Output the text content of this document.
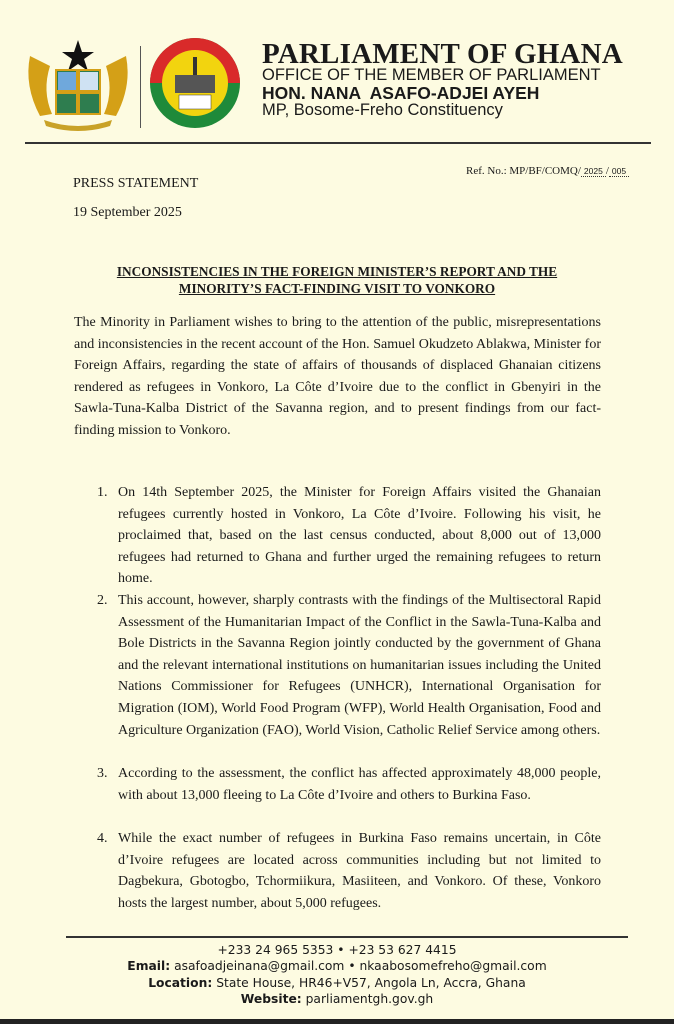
PARLIAMENT OF GHANA
OFFICE OF THE MEMBER OF PARLIAMENT
HON. NANA  ASAFO-ADJEI AYEH
MP, Bosome-Freho Constituency
Ref. No.: MP/BF/COMQ/ 2025 / 005
PRESS STATEMENT
19 September 2025
INCONSISTENCIES IN THE FOREIGN MINISTER’S REPORT AND THE
MINORITY’S FACT-FINDING VISIT TO VONKORO
The Minority in Parliament wishes to bring to the attention of the public, misrepresentations
and inconsistencies in the recent account of the Hon. Samuel Okudzeto Ablakwa, Minister for
Foreign Affairs, regarding the state of affairs of thousands of displaced Ghanaian citizens
rendered as refugees in Vonkoro, La Côte d’Ivoire due to the conflict in Gbenyiri in the
Sawla-Tuna-Kalba District of the Savanna region, and to present findings from our fact-
finding mission to Vonkoro.
1. On 14th September 2025, the Minister for Foreign Affairs visited the Ghanaian
refugees currently hosted in Vonkoro, La Côte d’Ivoire. Following his visit, he
proclaimed that, based on the last census conducted, about 8,000 out of 13,000
refugees had returned to Ghana and further urged the remaining refugees to return
home.
2. This account, however, sharply contrasts with the findings of the Multisectoral Rapid
Assessment of the Humanitarian Impact of the Conflict in the Sawla-Tuna-Kalba and
Bole Districts in the Savanna Region jointly conducted by the government of Ghana
and the relevant international institutions on humanitarian issues including the United
Nations Commissioner for Refugees (UNHCR), International Organisation for
Migration (IOM), World Food Program (WFP), World Health Organisation, Food and
Agriculture Organization (FAO), World Vision, Catholic Relief Service among others.
3. According to the assessment, the conflict has affected approximately 48,000 people,
with about 13,000 fleeing to La Côte d’Ivoire and others to Burkina Faso.
4. While the exact number of refugees in Burkina Faso remains uncertain, in Côte
d’Ivoire refugees are located across communities including but not limited to
Dagbekura, Gbotogbo, Tchormiikura, Masiiteen, and Vonkoro. Of these, Vonkoro
hosts the largest number, about 5,000 refugees.
+233 24 965 5353 • +23 53 627 4415
Email: asafoadjeinana@gmail.com • nkaabosomefreho@gmail.com
Location: State House, HR46+V57, Angola Ln, Accra, Ghana
Website: parliamentgh.gov.gh
